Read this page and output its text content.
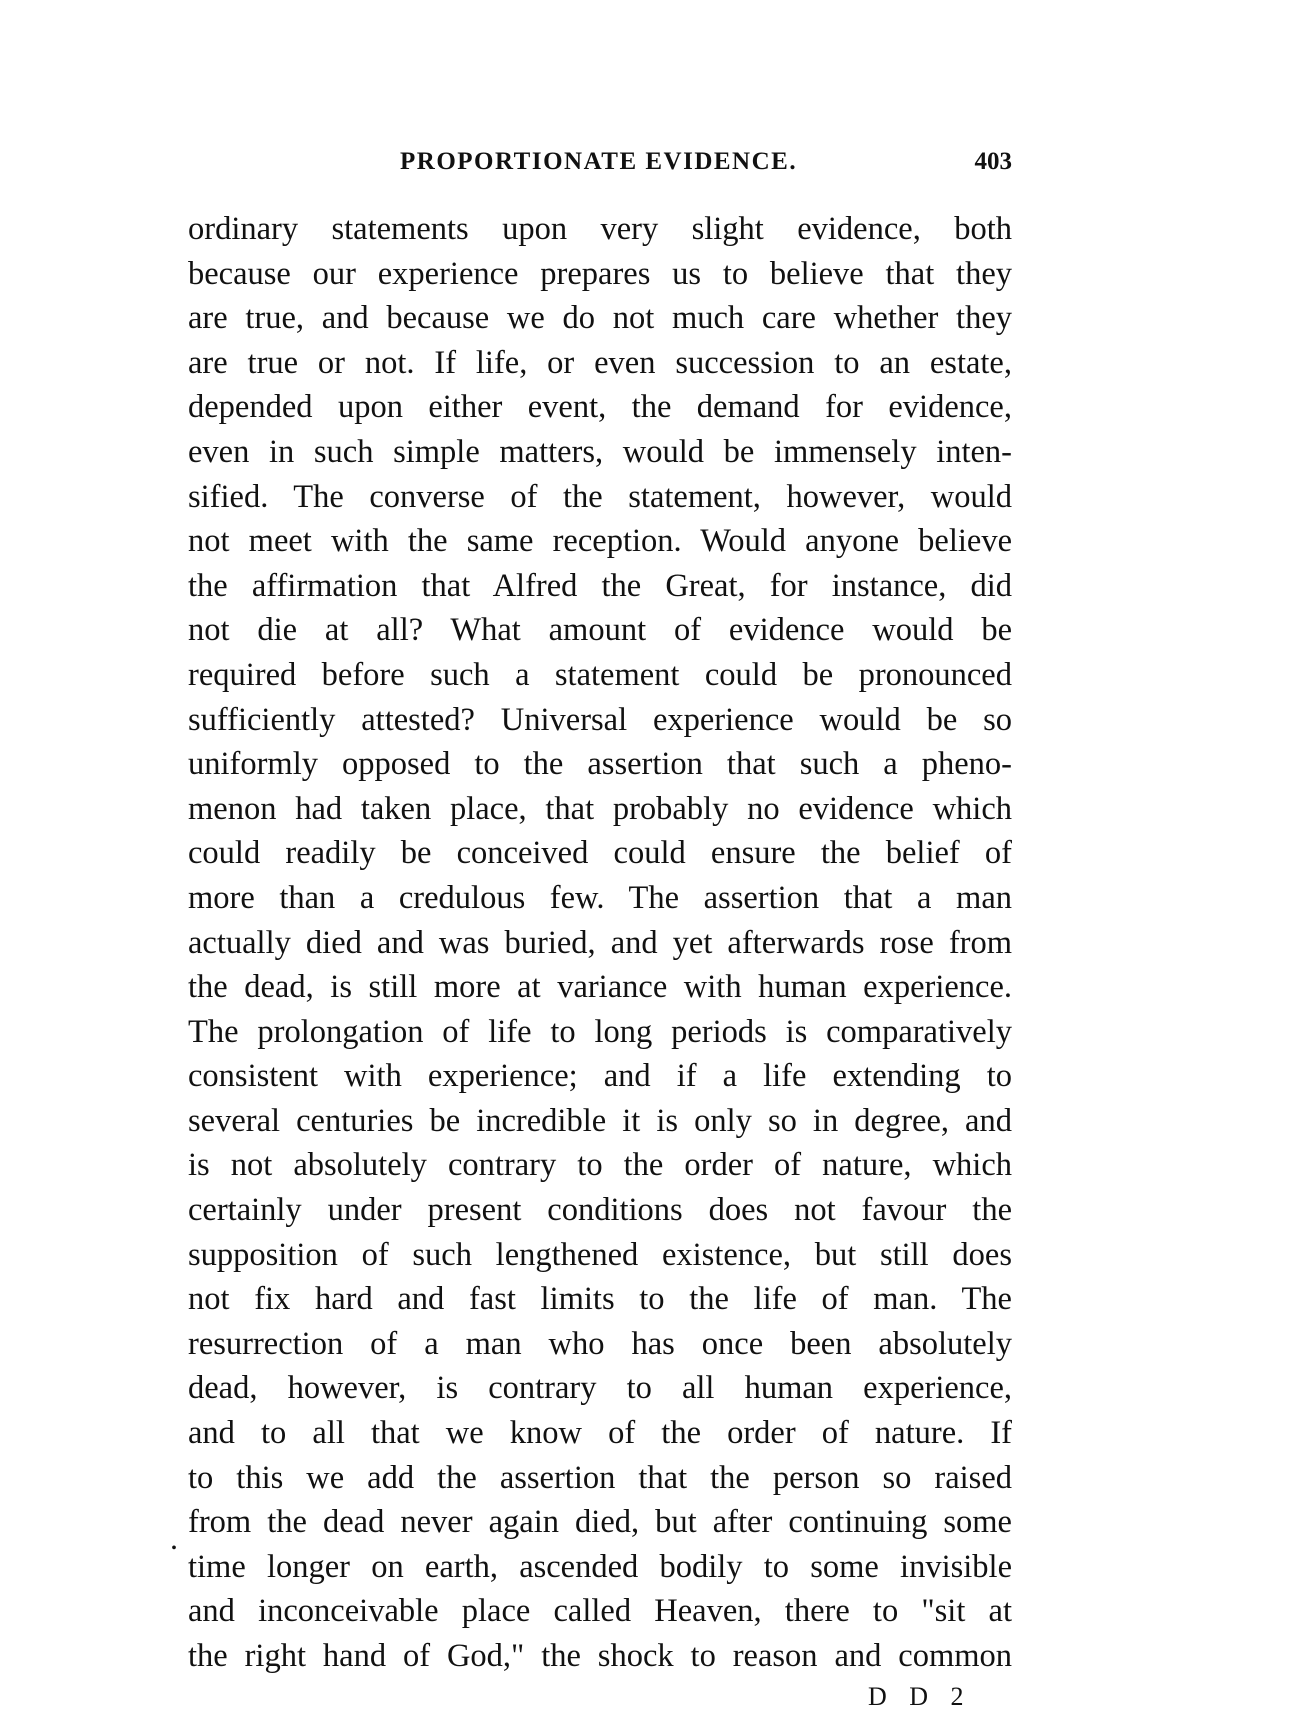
PROPORTIONATE EVIDENCE.	403
ordinary statements upon very slight evidence, both
because our experience prepares us to believe that they
are true, and because we do not much care whether they
are true or not. If life, or even succession to an estate,
depended upon either event, the demand for evidence,
even in such simple matters, would be immensely inten-
sified. The converse of the statement, however, would
not meet with the same reception. Would anyone believe
the affirmation that Alfred the Great, for instance, did
not die at all? What amount of evidence would be
required before such a statement could be pronounced
sufficiently attested? Universal experience would be so
uniformly opposed to the assertion that such a pheno-
menon had taken place, that probably no evidence which
could readily be conceived could ensure the belief of
more than a credulous few. The assertion that a man
actually died and was buried, and yet afterwards rose from
the dead, is still more at variance with human experience.
The prolongation of life to long periods is comparatively
consistent with experience; and if a life extending to
several centuries be incredible it is only so in degree, and
is not absolutely contrary to the order of nature, which
certainly under present conditions does not favour the
supposition of such lengthened existence, but still does
not fix hard and fast limits to the life of man. The
resurrection of a man who has once been absolutely
dead, however, is contrary to all human experience,
and to all that we know of the order of nature. If
to this we add the assertion that the person so raised
from the dead never again died, but after continuing some
time longer on earth, ascended bodily to some invisible
and inconceivable place called Heaven, there to "sit at
the right hand of God," the shock to reason and common
.
D D 2
